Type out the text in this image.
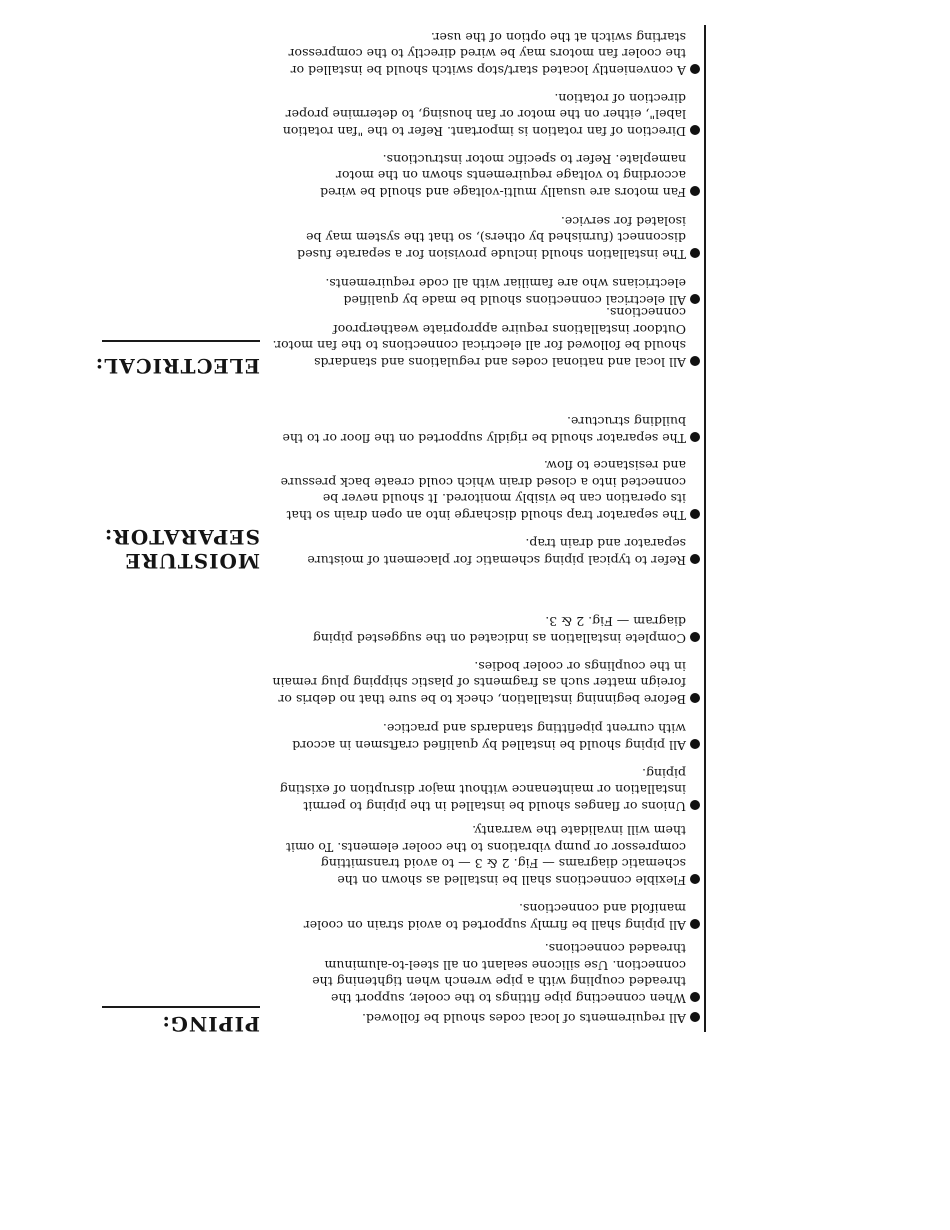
PIPING:	All requirements of local codes should be followed.
When connecting pipe fittings to the cooler, support the threaded coupling with a pipe wrench when tightening the connection. Use silicone sealant on all steel-to-aluminum threaded connections.
All piping shall be firmly supported to avoid strain on cooler manifold and connections.
Flexible connections shall be installed as shown on the schematic diagrams — Fig. 2 & 3 — to avoid transmitting compressor or pump vibrations to the cooler elements. To omit them will invalidate the warranty.
Unions or flanges should be installed in the piping to permit installation or maintenance without major disruption of existing piping.
All piping should be installed by qualified craftsmen in accord with current pipefitting standards and practice.
Before beginning installation, check to be sure that no debris or foreign matter such as fragments of plastic shipping plug remain in the couplings or cooler bodies.
Complete installation as indicated on the suggested piping diagram — Fig. 2 & 3.
MOISTURE
SEPARATOR:
Refer to typical piping schematic for placement of moisture separator and drain trap.
The separator trap should discharge into an open drain so that its operation can be visibly monitored. It should never be connected into a closed drain which could create back pressure and resistance to flow.
The separator should be rigidly supported on the floor or to the building structure.
ELECTRICAL:	All local and national codes and regulations and standards should be followed for all electrical connections to the fan motor. Outdoor installations require appropriate weatherproof connections.
All electrical connections should be made by qualified electricians who are familiar with all code requirements.
The installation should include provision for a separate fused disconnect (furnished by others), so that the system may be isolated for service.
Fan motors are usually multi-voltage and should be wired according to voltage requirements shown on the motor nameplate. Refer to specific motor instructions.
Direction of fan rotation is important. Refer to the "fan rotation label", either on the motor or fan housing, to determine proper direction of rotation.
A conveniently located start/stop switch should be installed or the cooler fan motors may be wired directly to the compressor starting switch at the option of the user.
